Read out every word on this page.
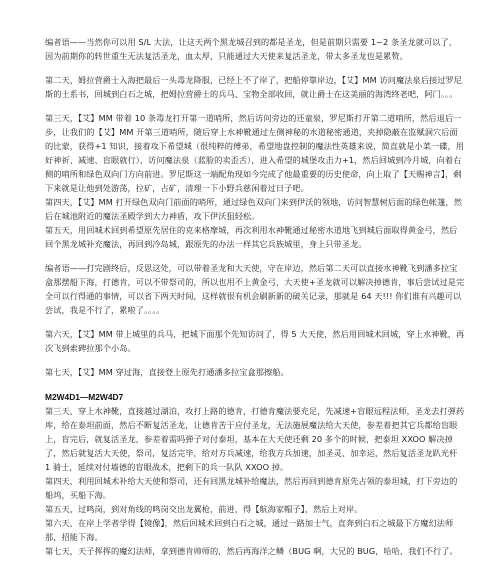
编者语——当然你可以用 S/L 大法，让这天两个黑龙城召到的都是圣龙，但是前期只需要 1~2 条圣龙就可以了，因为前期你的转世重生无法复活圣龙，血太厚，只能通过大天使来复活圣龙，带太多圣龙也是累赘。

第二天，姆拉营爵士入海把最后一头毒龙降服，已经上不了岸了，把船停靠岸边，【艾】MM 访问魔法泉后接过罗尼斯的土系书，回城到白石之城，把姆拉营爵士的兵马、宝物全部收回，就让爵士在这美丽的海湾终老吧，阿门。。。

第三天，【艾】MM 带着 10 条毒龙打开第一道哨所，然后访问旁边的还童泉，罗尼斯打开第二道哨所，然后退后一步，让我们的【艾】MM 开第三道哨所，随后穿上水神靴通过左侧神秘的水道秘密通道，夹掉隐蔽在监赋洞穴后面的比蒙，获得+1 知识，接着攻下希望城（很纯粹的傅弟，希望地盘控制的魔法性英雄来说，简直就是小菜一碟，用好神祈、减速、盲眼就行），访问魔法泉（蓝脸的卖歪舌），进入希望的城堡攻击力+1，然后回城到冷月城，向着右侧的哨所和绿色双向门方向前进。罗尼斯这一端配角现如今完成了他最重要的历史使命，向上取了【天赐神言】，剩下来就是让他到处游荡，拉矿，占矿，清理一下小野兵慈闲着过日子吧。

第四天，【艾】MM 打开绿色双向门前面的哨所，通过绿色双向门来到伊沃的领地，访问智慧树后面的绿色帐篷，然后在城池附近的魔法圣殿学到大力神盾，攻下伊沃狙轻松。

第五天，用回城术回到希望原先居住的克来格摩城，再次利用水神靴通过秘密水道地飞到城后面取得黄金弓，然后回个黑龙城补充魔法，再回到冷岛城，跟原先的办法一样其它兵族城里，身上只带圣龙。

编者语——打完剧终后，反思这处，可以带着圣龙和大天使，守在岸边，然后第二天可以直接水神靴飞到潘多拉宝盒那摆船下海，打德肯，可以不带祭司的，所以也用不上黄金弓，大天使+圣龙就可以解决掉德肯，事后尝试过是完全可以行得通的事情，可以省下两天时间，这样就很有机会刷新新的破关记录，那就是 64 天!!! 你们谁有兴趣可以尝试，我是不行了，累啦了。。。。

第六天，【艾】MM 带上城里的兵马，把城下面那个先知访问了，得 5 大天使，然后用回城术回城，穿上水神靴，再次飞到索碑拉那个小岛。

第七天，【艾】MM 穿过海，直接登上原先打通潘多拉宝盒那擦船。

M2W4D1—M2W4D7

第三天，穿上水神靴，直接越过湖泊，攻打上路的德肯，打德肯魔法要充足，先减速+盲眼远程法师，圣龙去打弹药库，给在泰坦前面，然后不断复活圣龙，让德肯苦于应付圣龙，无法施展魔法给大天使，参差着把其它兵都给盲眼上，盲完后，就复活圣龙，参差着需吗弹子对付泰坦，基本在大天使还剩 20 多个的时候，把泰坦 XXOO 解决掉了，然后就复活大天使，祭司，复活完毕，给对方兵减速，给我方兵加速，加圣灵、加幸运，然后复活圣龙趴光杆 1 骑士，延续对付墙德的盲眼战术，把剩下的兵一队队 XXOO 掉。

第四天，利用回城术补给大天使和祭司，还有回黑龙城补给魔法，然后再回到德肯原先占领的泰坦城，打下旁边的船坞，买船下海。

第五天，过鸣岗，到对角线的鸣岗交出龙翼枪，前进，得【航海家帽子】，然后上对岸。

第六天，在岸上学者学得【镜像】，然后回城术回到白石之城，通过一路加士气，直奔到白石之城最下方魔幻法师那，招能下海。

第七天，天子挥挥的魔幻法师，拿到德肯帅师的，然后再海洋之鳞（BUG 啊，大兄的 BUG，哈哈，我们不行了。
